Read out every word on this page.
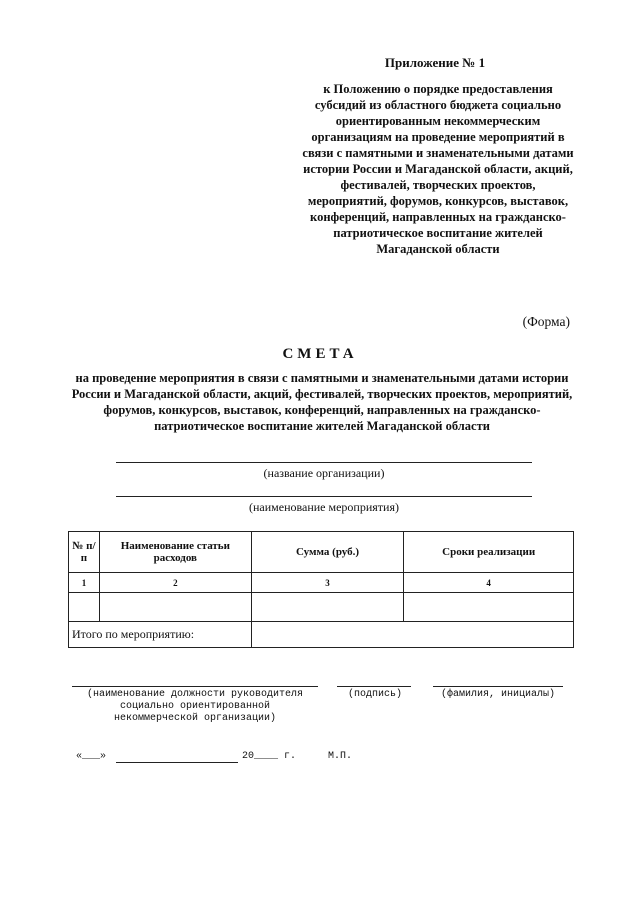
Приложение № 1
к Положению о порядке предоставления субсидий из областного бюджета социально ориентированным некоммерческим организациям на проведение мероприятий в связи с памятными и знаменательными датами истории России и Магаданской области, акций, фестивалей, творческих проектов, мероприятий, форумов, конкурсов, выставок, конференций, направленных на гражданско-патриотическое воспитание жителей Магаданской области
(Форма)
СМЕТА
на проведение мероприятия в связи с памятными и знаменательными датами истории России и Магаданской области, акций, фестивалей, творческих проектов, мероприятий, форумов, конкурсов, выставок, конференций, направленных на гражданско-патриотическое воспитание жителей Магаданской области
(название организации)
(наименование мероприятия)
№ п/п	Наименование статьи расходов	Сумма (руб.)	Сроки реализации
1	2	3	4

Итого по мероприятию:			
(наименование должности руководителя
социально ориентированной
некоммерческой организации)
(подпись)	(фамилия, инициалы)
«___»	20____ г.	М.П.
